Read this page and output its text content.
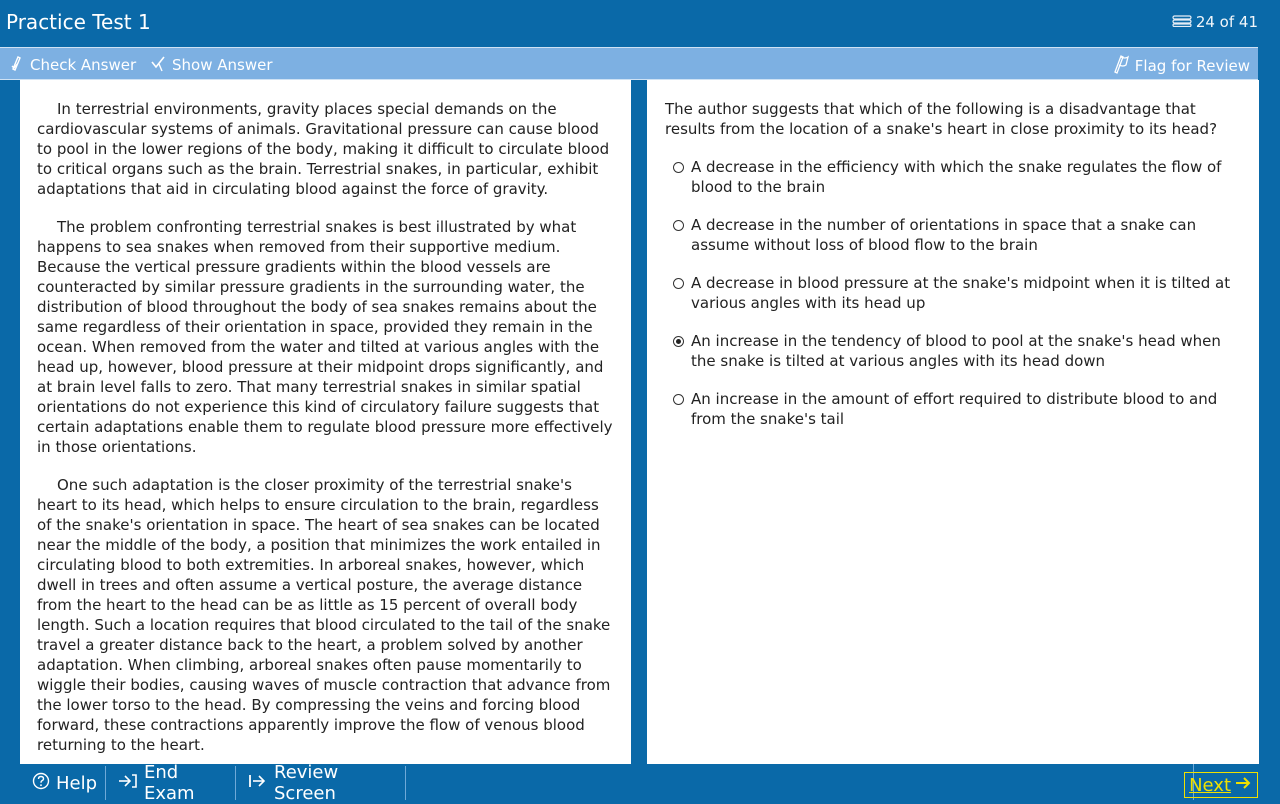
Practice Test 1	24 of 41
Check Answer Show Answer	Flag for Review

In terrestrial environments, gravity places special demands on the cardiovascular systems of animals. Gravitational pressure can cause blood to pool in the lower regions of the body, making it difficult to circulate blood to critical organs such as the brain. Terrestrial snakes, in particular, exhibit adaptations that aid in circulating blood against the force of gravity.

The problem confronting terrestrial snakes is best illustrated by what happens to sea snakes when removed from their supportive medium. Because the vertical pressure gradients within the blood vessels are counteracted by similar pressure gradients in the surrounding water, the distribution of blood throughout the body of sea snakes remains about the same regardless of their orientation in space, provided they remain in the ocean. When removed from the water and tilted at various angles with the head up, however, blood pressure at their midpoint drops significantly, and at brain level falls to zero. That many terrestrial snakes in similar spatial orientations do not experience this kind of circulatory failure suggests that certain adaptations enable them to regulate blood pressure more effectively in those orientations.

One such adaptation is the closer proximity of the terrestrial snake's heart to its head, which helps to ensure circulation to the brain, regardless of the snake's orientation in space. The heart of sea snakes can be located near the middle of the body, a position that minimizes the work entailed in circulating blood to both extremities. In arboreal snakes, however, which dwell in trees and often assume a vertical posture, the average distance from the heart to the head can be as little as 15 percent of overall body length. Such a location requires that blood circulated to the tail of the snake travel a greater distance back to the heart, a problem solved by another adaptation. When climbing, arboreal snakes often pause momentarily to wiggle their bodies, causing waves of muscle contraction that advance from the lower torso to the head. By compressing the veins and forcing blood forward, these contractions apparently improve the flow of venous blood returning to the heart.

The author suggests that which of the following is a disadvantage that results from the location of a snake's heart in close proximity to its head?
A decrease in the efficiency with which the snake regulates the flow of blood to the brain
A decrease in the number of orientations in space that a snake can assume without loss of blood flow to the brain
A decrease in blood pressure at the snake's midpoint when it is tilted at various angles with its head up
An increase in the tendency of blood to pool at the snake's head when the snake is tilted at various angles with its head down
An increase in the amount of effort required to distribute blood to and from the snake's tail
Help	End Exam
Review Screen	Next
